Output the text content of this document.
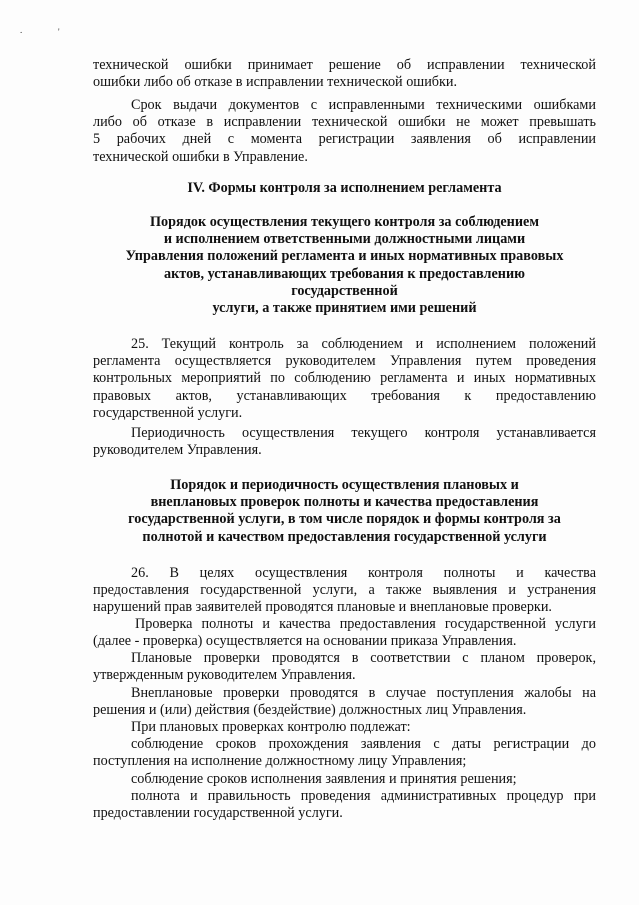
.	'
технической ошибки принимает решение об исправлении технической
ошибки либо об отказе в исправлении технической ошибки.
Срок выдачи документов с исправленными техническими ошибками
либо об отказе в исправлении технической ошибки не может превышать
5 рабочих дней с момента регистрации заявления об исправлении
технической ошибки в Управление.
IV. Формы контроля за исполнением регламента
Порядок осуществления текущего контроля за соблюдением
и исполнением ответственными должностными лицами
Управления положений регламента и иных нормативных правовых
актов, устанавливающих требования к предоставлению
государственной
услуги, а также принятием ими решений
25. Текущий контроль за соблюдением и исполнением положений
регламента осуществляется руководителем Управления путем проведения
контрольных мероприятий по соблюдению регламента и иных нормативных
правовых актов, устанавливающих требования к предоставлению
государственной услуги.
Периодичность осуществления текущего контроля устанавливается
руководителем Управления.
Порядок и периодичность осуществления плановых и
внеплановых проверок полноты и качества предоставления
государственной услуги, в том числе порядок и формы контроля за
полнотой и качеством предоставления государственной услуги
26. В целях осуществления контроля полноты и качества
предоставления государственной услуги, а также выявления и устранения
нарушений прав заявителей проводятся плановые и внеплановые проверки.
Проверка полноты и качества предоставления государственной услуги
(далее - проверка) осуществляется на основании приказа Управления.
Плановые проверки проводятся в соответствии с планом проверок,
утвержденным руководителем Управления.
Внеплановые проверки проводятся в случае поступления жалобы на
решения и (или) действия (бездействие) должностных лиц Управления.
При плановых проверках контролю подлежат:
соблюдение сроков прохождения заявления с даты регистрации до
поступления на исполнение должностному лицу Управления;
соблюдение сроков исполнения заявления и принятия решения;
полнота и правильность проведения административных процедур при
предоставлении государственной услуги.
